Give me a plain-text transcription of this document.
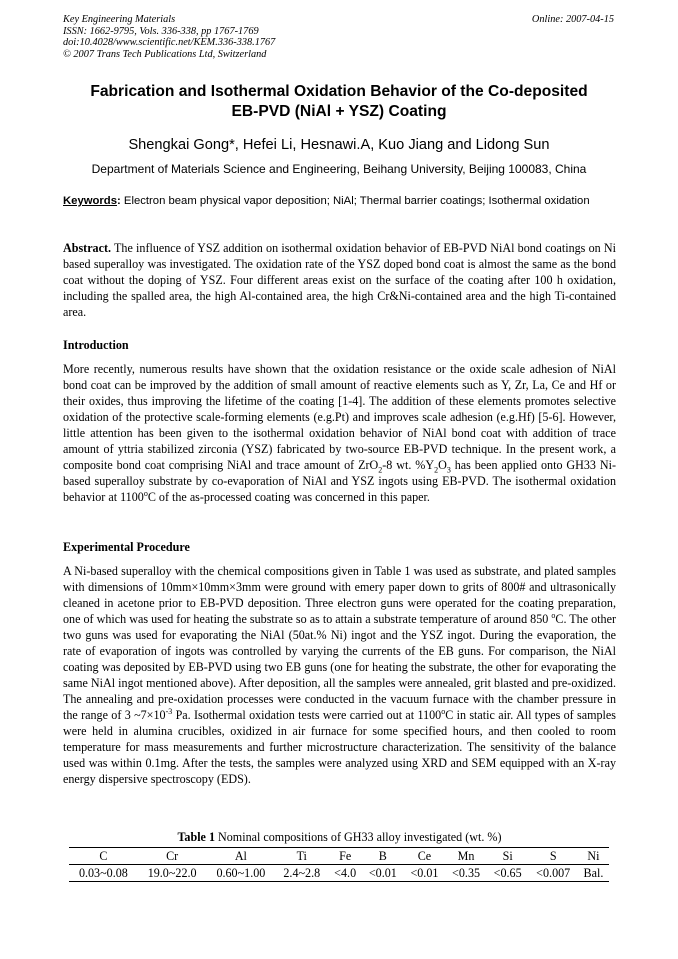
Key Engineering Materials
ISSN: 1662-9795, Vols. 336-338, pp 1767-1769
doi:10.4028/www.scientific.net/KEM.336-338.1767
© 2007 Trans Tech Publications Ltd, Switzerland
Online: 2007-04-15
Fabrication and Isothermal Oxidation Behavior of the Co-deposited
EB-PVD (NiAl + YSZ) Coating
Shengkai Gong*, Hefei Li, Hesnawi.A, Kuo Jiang and Lidong Sun
Department of Materials Science and Engineering, Beihang University, Beijing 100083, China
Keywords: Electron beam physical vapor deposition; NiAl; Thermal barrier coatings; Isothermal oxidation
Abstract. The influence of YSZ addition on isothermal oxidation behavior of EB-PVD NiAl bond coatings on Ni based superalloy was investigated. The oxidation rate of the YSZ doped bond coat is almost the same as the bond coat without the doping of YSZ. Four different areas exist on the surface of the coating after 100 h oxidation, including the spalled area, the high Al-contained area, the high Cr&Ni-contained area and the high Ti-contained area.
Introduction
More recently, numerous results have shown that the oxidation resistance or the oxide scale adhesion of NiAl bond coat can be improved by the addition of small amount of reactive elements such as Y, Zr, La, Ce and Hf or their oxides, thus improving the lifetime of the coating [1-4]. The addition of these elements promotes selective oxidation of the protective scale-forming elements (e.g.Pt) and improves scale adhesion (e.g.Hf) [5-6]. However, little attention has been given to the isothermal oxidation behavior of NiAl bond coat with addition of trace amount of yttria stabilized zirconia (YSZ) fabricated by two-source EB-PVD technique. In the present work, a composite bond coat comprising NiAl and trace amount of ZrO$_2$-8 wt. $\%Y_2O_3$ has been applied onto GH33 Ni-based superalloy substrate by co-evaporation of NiAl and YSZ ingots using EB-PVD. The isothermal oxidation behavior at 1100$^o$C of the as-processed coating was concerned in this paper.
Experimental Procedure
A Ni-based superalloy with the chemical compositions given in Table 1 was used as substrate, and plated samples with dimensions of 10mm×10mm×3mm were ground with emery paper down to grits of 800# and ultrasonically cleaned in acetone prior to EB-PVD deposition. Three electron guns were operated for the coating preparation, one of which was used for heating the substrate so as to attain a substrate temperature of around 850 $^o$C. The other two guns was used for evaporating the NiAl (50at.% Ni) ingot and the YSZ ingot. During the evaporation, the rate of evaporation of ingots was controlled by varying the currents of the EB guns. For comparison, the NiAl coating was deposited by EB-PVD using two EB guns (one for heating the substrate, the other for evaporating the same NiAl ingot mentioned above). After deposition, all the samples were annealed, grit blasted and pre-oxidized. The annealing and pre-oxidation processes were conducted in the vacuum furnace with the chamber pressure in the range of 3 $\sim 7\times 10^{-3}$ Pa. Isothermal oxidation tests were carried out at 1100$^o$C in static air. All types of samples were held in alumina crucibles, oxidized in air furnace for some specified hours, and then cooled to room temperature for mass measurements and further microstructure characterization. The sensitivity of the balance used was within 0.1mg. After the tests, the samples were analyzed using XRD and SEM equipped with an X-ray energy dispersive spectroscopy (EDS).
Table 1 Nominal compositions of GH33 alloy investigated (wt. %)
C	Cr	Al	Ti	Fe	B	Ce	Mn	Si	S	Ni
0.03~0.08	19.0~22.0	0.60~1.00	2.4~2.8	<4.0	<0.01	<0.01	<0.35	<0.65	<0.007	Bal.
